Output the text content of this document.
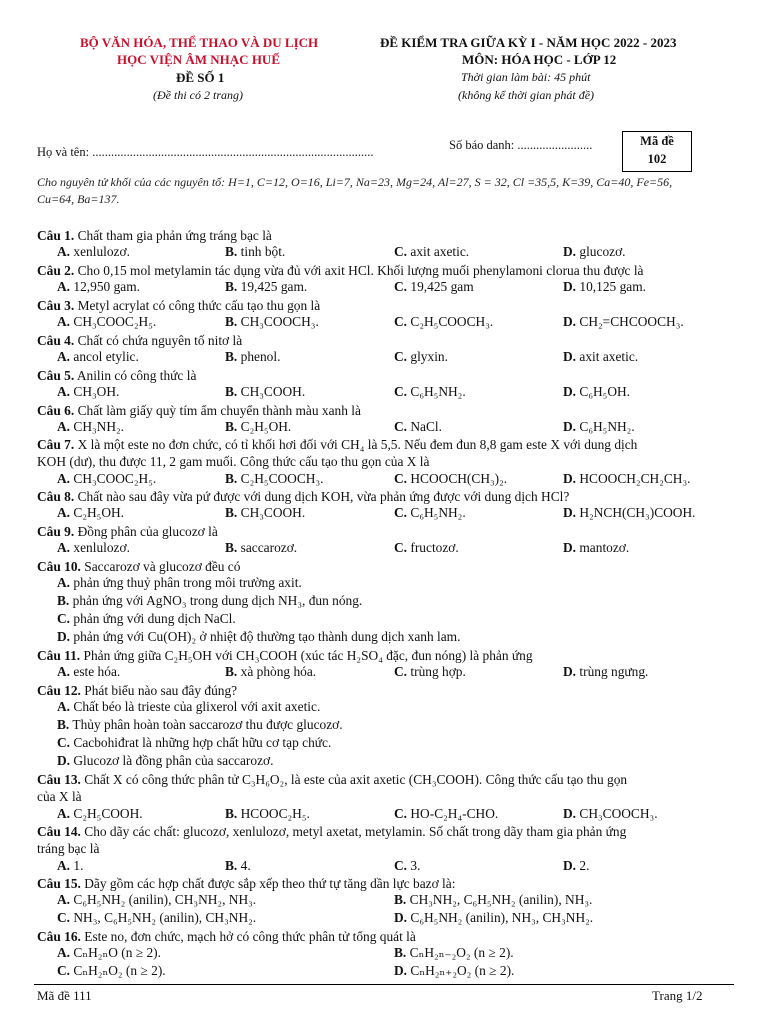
BỘ VĂN HÓA, THỂ THAO VÀ DU LỊCH
HỌC VIỆN ÂM NHẠC HUẾ
ĐỀ SỐ 1
(Đề thi có 2 trang)
ĐỀ KIỂM TRA GIỮA KỲ I - NĂM HỌC 2022 - 2023
MÔN: HÓA HỌC - LỚP 12
Thời gian làm bài: 45 phút
(không kể thời gian phát đề)
Họ và tên: ..........................................................................................	Số báo danh: ........................	Mã đề
102
Cho nguyên tử khối của các nguyên tố: H=1, C=12, O=16, Li=7, Na=23, Mg=24, Al=27, S = 32, Cl =35,5, K=39, Ca=40, Fe=56,
Cu=64, Ba=137.
Câu 1. Chất tham gia phản ứng tráng bạc là
A. xenlulozơ.	B. tinh bột.	C. axit axetic.	D. glucozơ.
Câu 2. Cho 0,15 mol metylamin tác dụng vừa đủ với axit HCl. Khối lượng muối phenylamoni clorua thu được là
A. 12,950 gam.	B. 19,425 gam.	C. 19,425 gam	D. 10,125 gam.
Câu 3. Metyl acrylat có công thức cấu tạo thu gọn là
A. CH₃COOC₂H₅.	B. CH₃COOCH₃.	C. C₂H₅COOCH₃.	D. CH₂=CHCOOCH₃.
Câu 4. Chất có chứa nguyên tố nitơ là
A. ancol etylic.	B. phenol.	C. glyxin.	D. axit axetic.
Câu 5. Anilin có công thức là
A. CH₃OH.	B. CH₃COOH.	C. C₆H₅NH₂.	D. C₆H₅OH.
Câu 6. Chất làm giấy quỳ tím ẩm chuyển thành màu xanh là
A. CH₃NH₂.	B. C₂H₅OH.	C. NaCl.	D. C₆H₅NH₂.
Câu 7. X là một este no đơn chức, có tỉ khối hơi đối với CH₄ là 5,5. Nếu đem đun 8,8 gam este X với dung dịch
KOH (dư), thu được 11, 2 gam muối. Công thức cấu tạo thu gọn của X là
A. CH₃COOC₂H₅.	B. C₂H₅COOCH₃.	C. HCOOCH(CH₃)₂.	D. HCOOCH₂CH₂CH₃.
Câu 8. Chất nào sau đây vừa pứ được với dung dịch KOH, vừa phản ứng được với dung dịch HCl?
A. C₂H₅OH.	B. CH₃COOH.	C. C₆H₅NH₂.	D. H₂NCH(CH₃)COOH.
Câu 9. Đồng phân của glucozơ là
A. xenlulozơ.	B. saccarozơ.	C. fructozơ.	D. mantozơ.
Câu 10. Saccarozơ và glucozơ đều có
A. phản ứng thuỷ phân trong môi trường axit.
B. phản ứng với AgNO₃ trong dung dịch NH₃, đun nóng.
C. phản ứng với dung dịch NaCl.
D. phản ứng với Cu(OH)₂ ở nhiệt độ thường tạo thành dung dịch xanh lam.
Câu 11. Phản ứng giữa C₂H₅OH với CH₃COOH (xúc tác H₂SO₄ đặc, đun nóng) là phản ứng
A. este hóa.	B. xà phòng hóa.	C. trùng hợp.	D. trùng ngưng.
Câu 12. Phát biểu nào sau đây đúng?
A. Chất béo là trieste của glixerol với axit axetic.
B. Thủy phân hoàn toàn saccarozơ thu được glucozơ.
C. Cacbohiđrat là những hợp chất hữu cơ tạp chức.
D. Glucozơ là đồng phân của saccarozơ.
Câu 13. Chất X có công thức phân tử C₃H₆O₂, là este của axit axetic (CH₃COOH). Công thức cấu tạo thu gọn
của X là
A. C₂H₅COOH.	B. HCOOC₂H₅.	C. HO-C₂H₄-CHO.	D. CH₃COOCH₃.
Câu 14. Cho dãy các chất: glucozơ, xenlulozơ, metyl axetat, metylamin. Số chất trong dãy tham gia phản ứng
tráng bạc là
A. 1.	B. 4.	C. 3.	D. 2.
Câu 15. Dãy gồm các hợp chất được sắp xếp theo thứ tự tăng dần lực bazơ là:
A. C₆H₅NH₂ (anilin), CH₃NH₂, NH₃.	B. CH₃NH₂, C₆H₅NH₂ (anilin), NH₃.
C. NH₃, C₆H₅NH₂ (anilin), CH₃NH₂.	D. C₆H₅NH₂ (anilin), NH₃, CH₃NH₂.
Câu 16. Este no, đơn chức, mạch hở có công thức phân tử tổng quát là
A. CₙH₂ₙO (n ≥ 2).	B. CₙH₂ₙ₋₂O₂ (n ≥ 2).
C. CₙH₂ₙO₂ (n ≥ 2).	D. CₙH₂ₙ₊₂O₂ (n ≥ 2).
Mã đề 111	Trang 1/2
